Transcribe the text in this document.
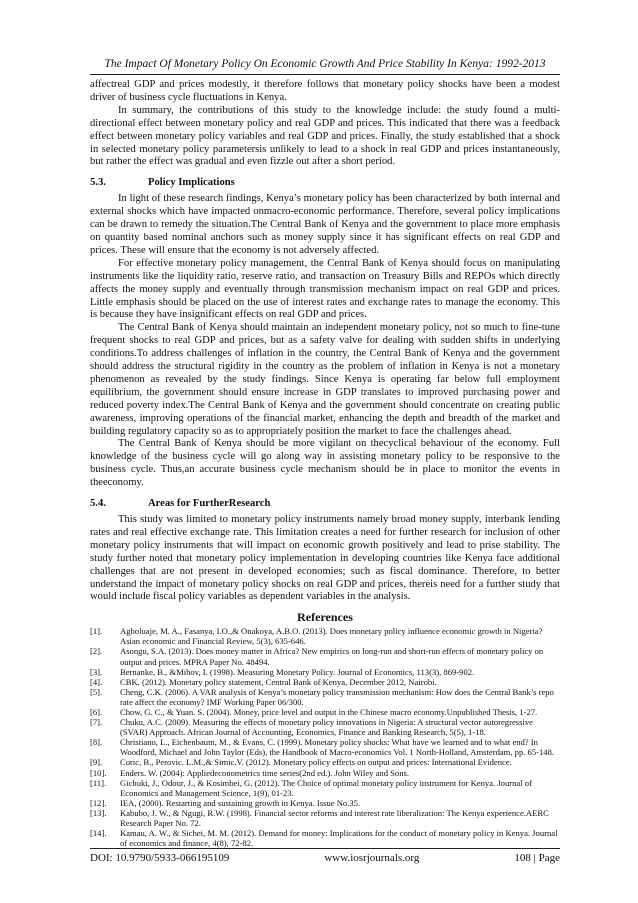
The Impact Of Monetary Policy On Economic Growth And Price Stability In Kenya: 1992-2013

affectreal GDP and prices modestly, it therefore follows that monetary policy shocks have been a modest driver of business cycle fluctuations in Kenya.

In summary, the contributions of this study to the knowledge include: the study found a multi-directional effect between monetary policy and real GDP and prices. This indicated that there was a feedback effect between monetary policy variables and real GDP and prices. Finally, the study established that a shock in selected monetary policy parametersis unlikely to lead to a shock in real GDP and prices instantaneously, but rather the effect was gradual and even fizzle out after a short period.

5.3.	Policy Implications

In light of these research findings, Kenya’s monetary policy has been characterized by both internal and external shocks which have impacted onmacro-economic performance. Therefore, several policy implications can be drawn to remedy the situation.The Central Bank of Kenya and the government to place more emphasis on quantity based nominal anchors such as money supply since it has significant effects on real GDP and prices. These will ensure that the economy is not adversely affected.

For effective monetary policy management, the Central Bank of Kenya should focus on manipulating instruments like the liquidity ratio, reserve ratio, and transaction on Treasury Bills and REPOs which directly affects the money supply and eventually through transmission mechanism impact on real GDP and prices. Little emphasis should be placed on the use of interest rates and exchange rates to manage the economy. This is because they have insignificant effects on real GDP and prices.

The Central Bank of Kenya should maintain an independent monetary policy, not so much to fine-tune frequent shocks to real GDP and prices, but as a safety valve for dealing with sudden shifts in underlying conditions.To address challenges of inflation in the country, the Central Bank of Kenya and the government should address the structural rigidity in the country as the problem of inflation in Kenya is not a monetary phenomenon as revealed by the study findings. Since Kenya is operating far below full employment equilibrium, the government should ensure increase in GDP translates to improved purchasing power and reduced poverty index.The Central Bank of Kenya and the government should concentrate on creating public awareness, improving operations of the financial market, enhancing the depth and breadth of the market and building regulatory capacity so as to appropriately position the market to face the challenges ahead.

The Central Bank of Kenya should be more vigilant on thecyclical behaviour of the economy. Full knowledge of the business cycle will go along way in assisting monetary policy to be responsive to the business cycle. Thus,an accurate business cycle mechanism should be in place to monitor the events in theeconomy.

5.4.	Areas for FurtherResearch

This study was limited to monetary policy instruments namely broad money supply, interbank lending rates and real effective exchange rate. This limitation creates a need for further research for inclusion of other monetary policy instruments that will impact on economic growth positively and lead to prise stability. The study further noted that monetary policy implementation in developing countries like Kenya face additional challenges that are not present in developed economies; such as fiscal dominance. Therefore, to better understand the impact of monetary policy shocks on real GDP and prices, thereis need for a further study that would include fiscal policy variables as dependent variables in the analysis.

References
[1].	Agboluaje, M. A., Fasanya, I.O.,& Onakoya, A.B.O. (2013). Does monetary policy influence economic growth in Nigeria?Asian economic and Financial Review, 5(3), 635-646.
[2].	Asongu, S.A. (2013). Does money matter in Africa? New empirics on long-run and short-run effects of monetary policy on output and prices. MPRA Paper No. 48494.
[3].	Bernanke, B., &Mihov, I. (1998). Measuring Monetary Policy. Journal of Economics, 113(3), 869-902.
[4].	CBK. (2012). Monetary policy statement, Central Bank of Kenya, December 2012, Nairobi.
[5].	Cheng, C.K. (2006). A VAR analysis of Kenya’s monetary policy transmission mechanism: How does the Central Bank’s repo rate affect the economy? IMF Working Paper 06/300.
[6].	Chow, G. C., & Yuan. S. (2004). Money, price level and output in the Chinese macro economy.Unpublished Thesis, 1-27.
[7].	Chuku, A.C. (2009). Measuring the effects of monetary policy innovations in Nigeria: A structural vector autoregressive (SVAR) Approach. African Journal of Accounting, Economics, Finance and Banking Research, 5(5), 1-18.
[8].	Christiano, L., Eichenbaum, M., & Evans, C. (1999). Monetary policy shocks: What have we learned and to what end? In Woodford, Michael and John Taylor (Eds), the Handbook of Macro-economics Vol. 1 North-Holland, Amsterdam, pp. 65-148.
[9].	Coric, B., Perovic. L.M.,& Simic.V. (2012). Monetary policy effects on output and prices: International Evidence.
[10].	Enders. W. (2004): Appliedeconometrics time series(2nd ed.). John Wiley and Sons.
[11].	Gichuki, J., Odour, J., & Kosimbei, G. (2012). The Choice of optimal monetary policy instrument for Kenya. Journal of Economics and Management Science, 1(9), 01-23.
[12].	IEA, (2000). Restarting and sustaining growth in Kenya. Issue No.35.
[13].	Kabubo, J. W., & Ngugi, R.W. (1998). Financial sector reforms and interest rate liberalization: The Kenya experience.AERC Research Paper No. 72.
[14].	Kamau, A. W., & Sichei, M. M. (2012). Demand for money: Implications for the conduct of monetary policy in Kenya. Journal of economics and finance, 4(8), 72-82.
DOI: 10.9790/5933-066195109	www.iosrjournals.org	108 | Page
